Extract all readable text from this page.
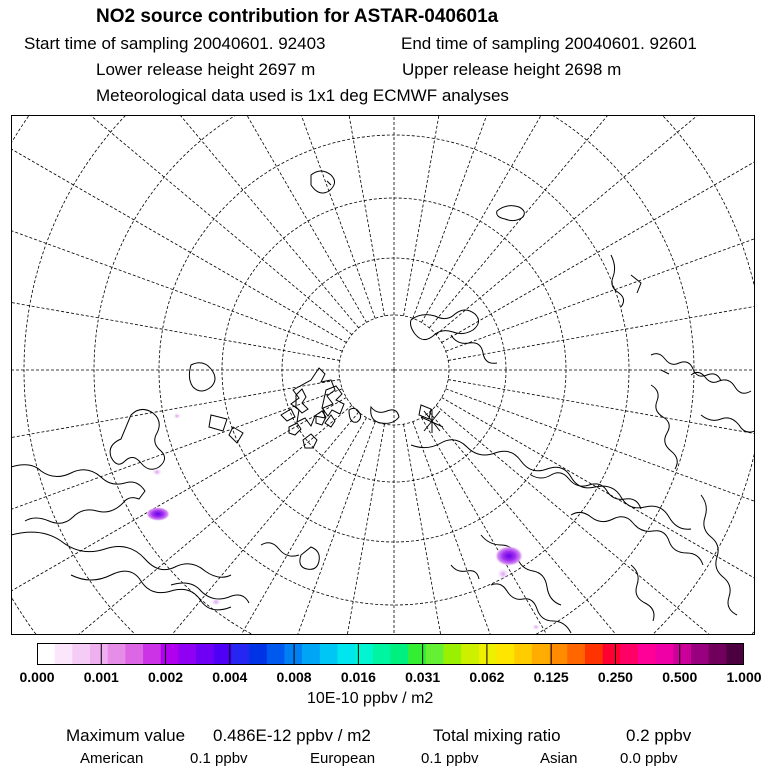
NO2 source contribution for ASTAR-040601a
Start time of sampling 20040601. 92403	End time of sampling 20040601. 92601
Lower release height 2697 m	Upper release height 2698 m
Meteorological data used is 1x1 deg ECMWF analyses
0.000 0.001 0.002 0.004 0.008 0.016 0.031 0.062 0.125 0.250 0.500 1.000
10E-10 ppbv / m2
Maximum value 0.486E-12 ppbv / m2	Total mixing ratio	0.2 ppbv
American	0.1 ppbv	European	0.1 ppbv	Asian	0.0 ppbv
